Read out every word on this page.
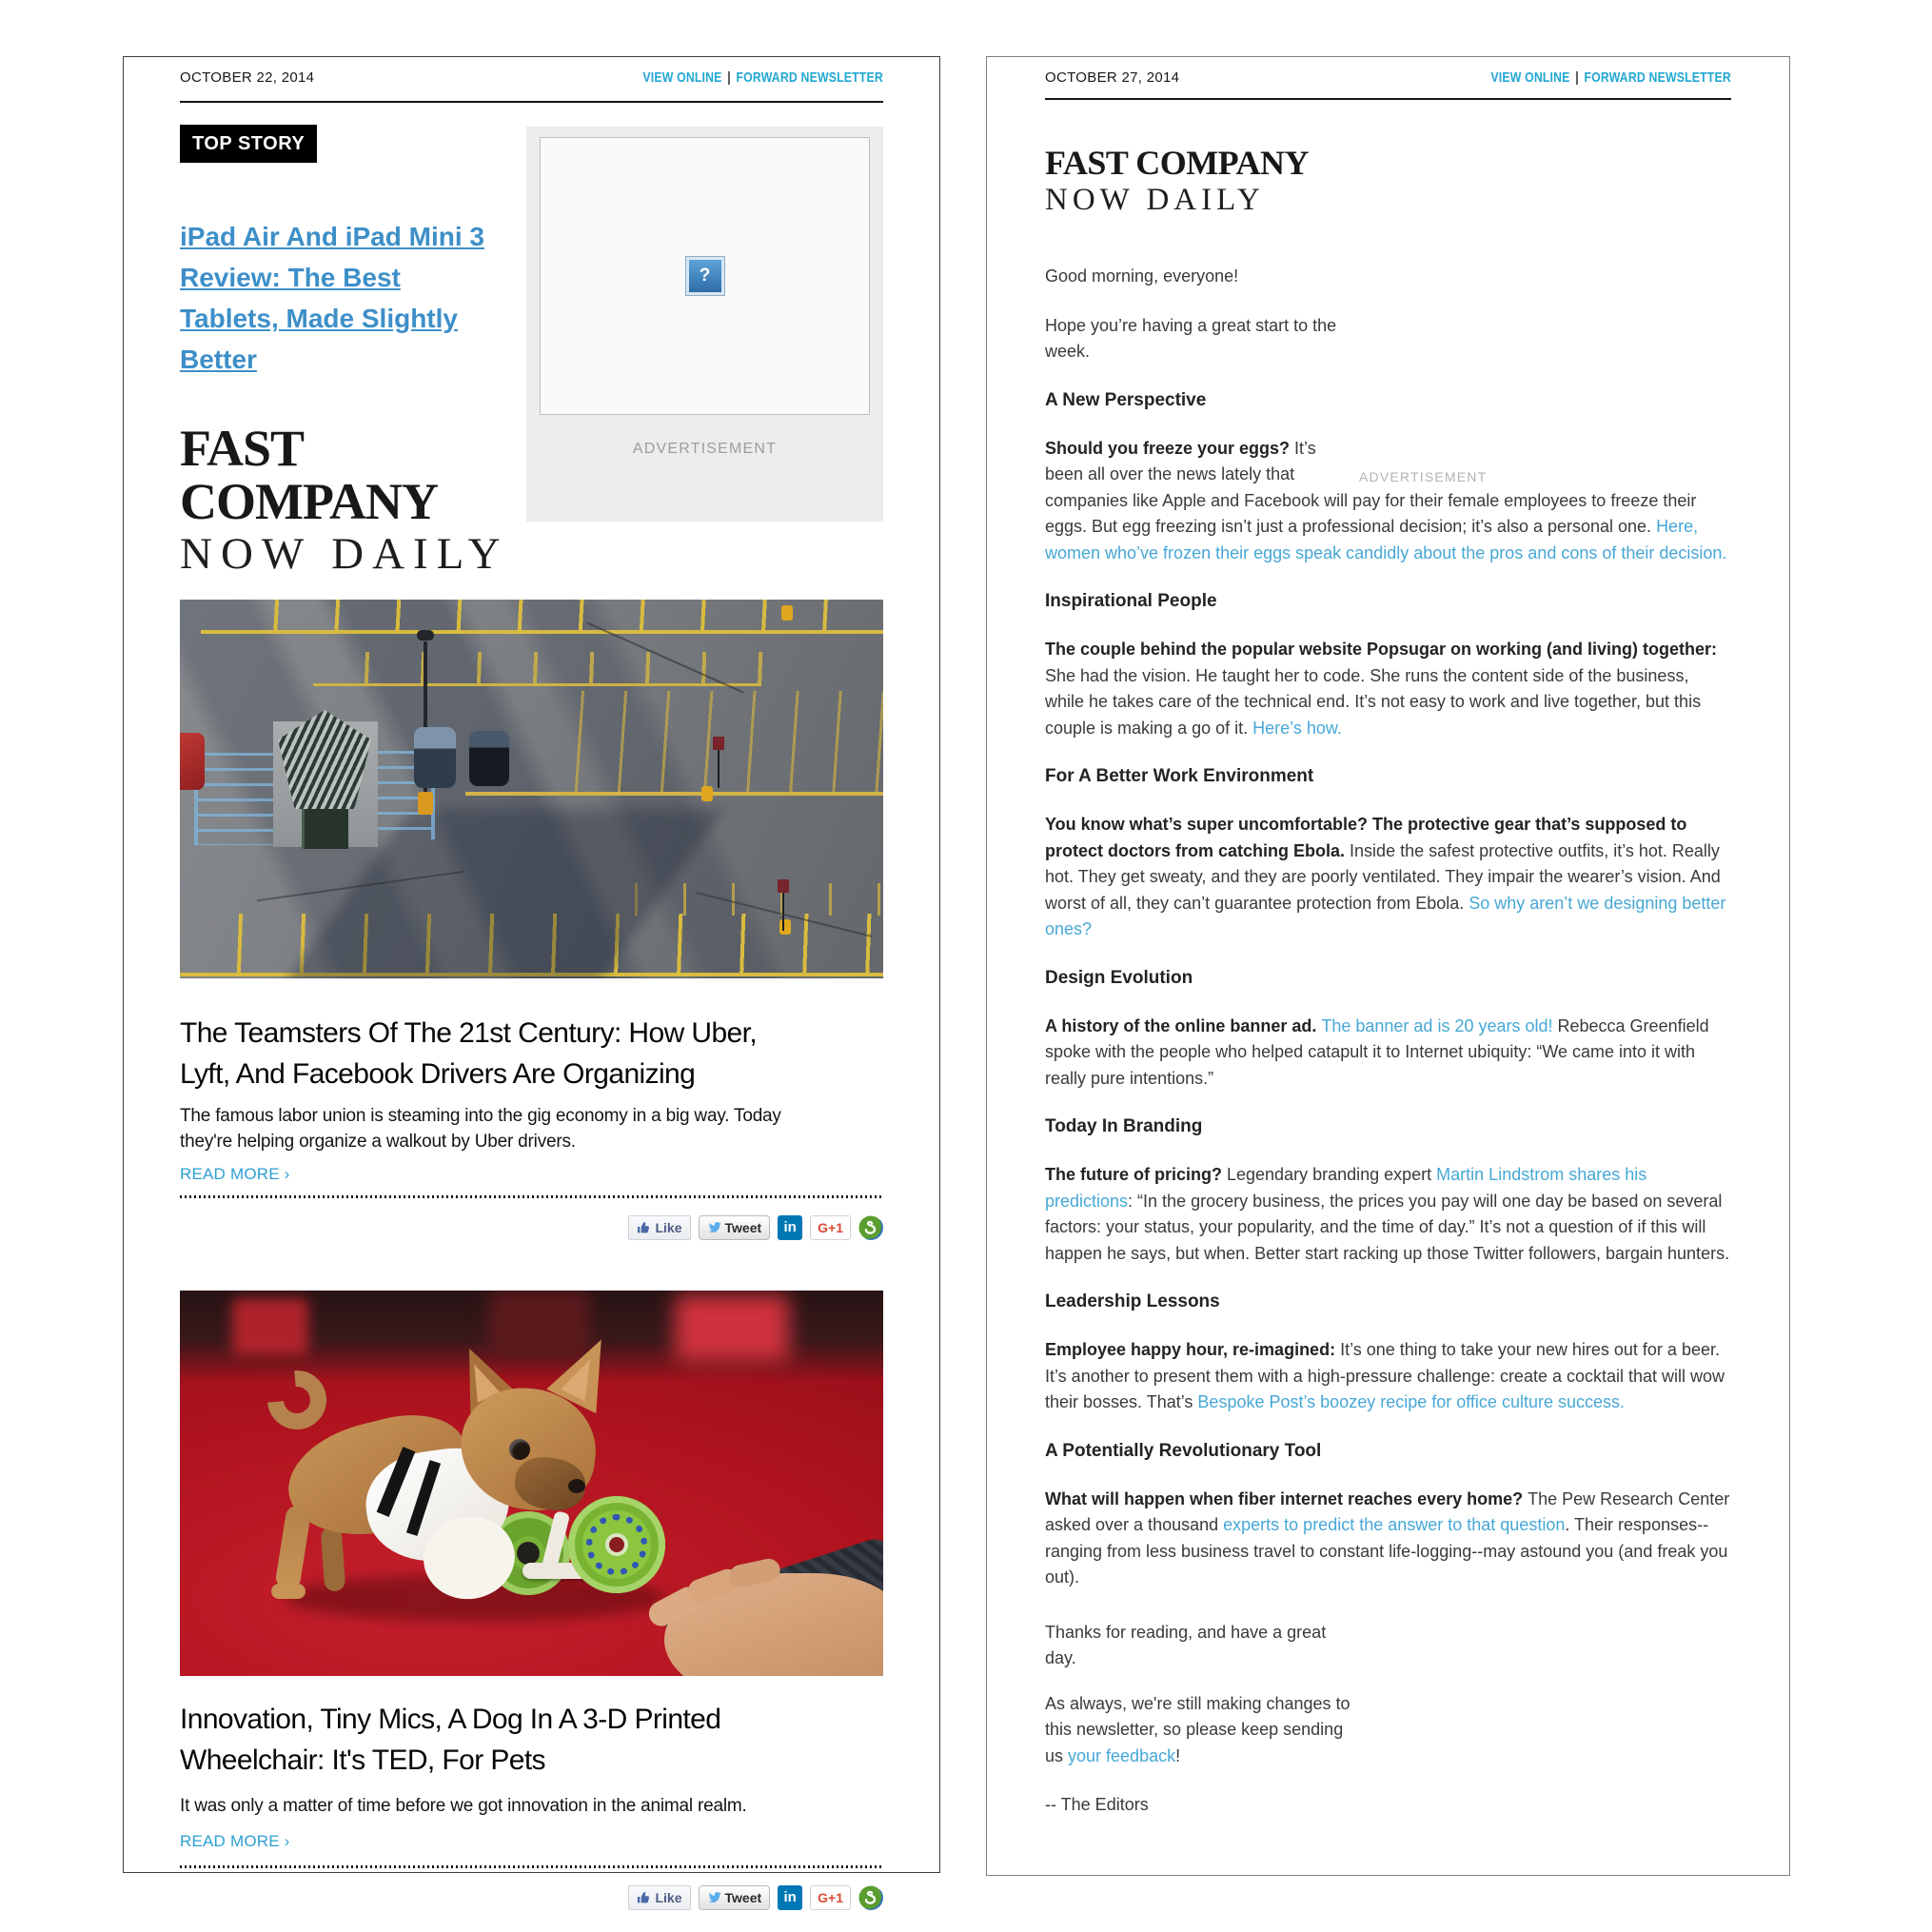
OCTOBER 22, 2014	VIEW ONLINE | FORWARD NEWSLETTER
?
ADVERTISEMENT
TOP STORY
iPad Air And iPad Mini 3
Review: The Best
Tablets, Made Slightly
Better
FAST COMPANY
NOW DAILY
The Teamsters Of The 21st Century: How Uber,
Lyft, And Facebook Drivers Are Organizing
The famous labor union is steaming into the gig economy in a big way. Today
they're helping organize a walkout by Uber drivers.
READ MORE ›
Like	Tweet in G+1
Innovation, Tiny Mics, A Dog In A 3-D Printed
Wheelchair: It's TED, For Pets
It was only a matter of time before we got innovation in the animal realm.
READ MORE ›
Like	Tweet in G+1
OCTOBER 27, 2014	VIEW ONLINE | FORWARD NEWSLETTER
FAST COMPANY
NOW DAILY
Good morning, everyone!
Hope you’re having a great start to the
week.
A New Perspective
ADVERTISEMENT
Should you freeze your eggs? It’s
been all over the news lately that
companies like Apple and Facebook will pay for their female employees to freeze their eggs. But egg freezing isn’t just a professional decision; it’s also a personal one. Here, women who’ve frozen their eggs speak candidly about the pros and cons of their decision.
Inspirational People
The couple behind the popular website Popsugar on working (and living) together: She had the vision. He taught her to code. She runs the content side of the business, while he takes care of the technical end. It’s not easy to work and live together, but this couple is making a go of it. Here’s how.
For A Better Work Environment
You know what’s super uncomfortable? The protective gear that’s supposed to protect doctors from catching Ebola. Inside the safest protective outfits, it’s hot. Really hot. They get sweaty, and they are poorly ventilated. They impair the wearer’s vision. And worst of all, they can’t guarantee protection from Ebola. So why aren’t we designing better ones?
Design Evolution
A history of the online banner ad. The banner ad is 20 years old! Rebecca Greenfield spoke with the people who helped catapult it to Internet ubiquity: “We came into it with really pure intentions.”
Today In Branding
The future of pricing? Legendary branding expert Martin Lindstrom shares his predictions: “In the grocery business, the prices you pay will one day be based on several factors: your status, your popularity, and the time of day.” It’s not a question of if this will happen he says, but when. Better start racking up those Twitter followers, bargain hunters.
Leadership Lessons
Employee happy hour, re-imagined: It’s one thing to take your new hires out for a beer. It’s another to present them with a high-pressure challenge: create a cocktail that will wow their bosses. That’s Bespoke Post’s boozey recipe for office culture success.
A Potentially Revolutionary Tool
What will happen when fiber internet reaches every home? The Pew Research Center asked over a thousand experts to predict the answer to that question. Their responses--ranging from less business travel to constant life-logging--may astound you (and freak you out).
Thanks for reading, and have a great
day.
As always, we're still making changes to
this newsletter, so please keep sending
us your feedback!
-- The Editors
